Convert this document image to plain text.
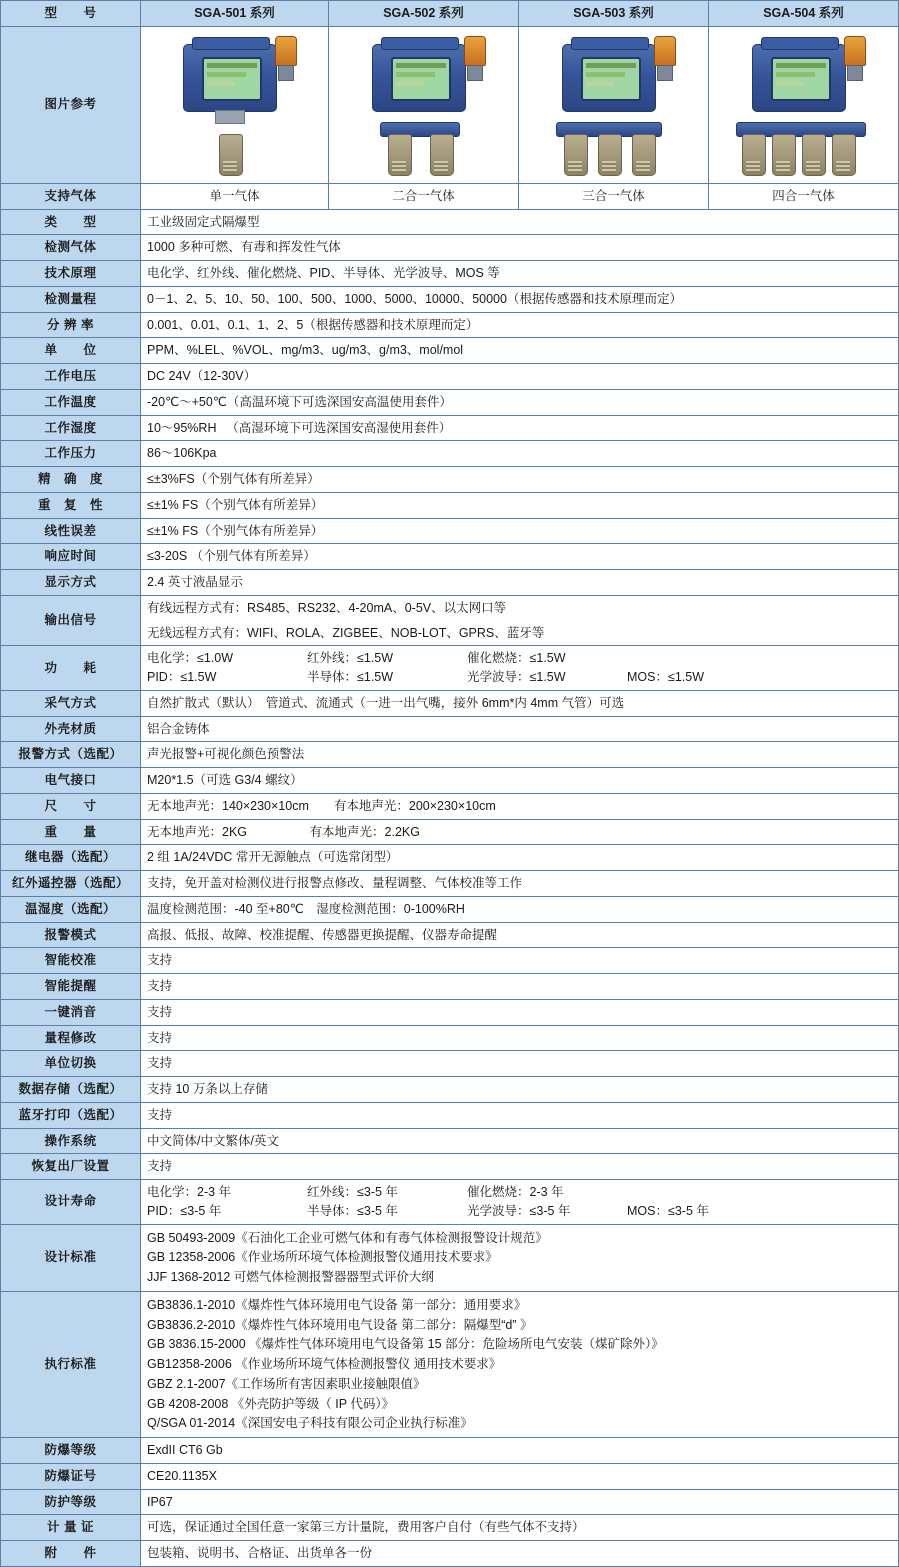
型　　号	SGA-501 系列	SGA-502 系列	SGA-503 系列	SGA-504 系列
图片参考	

支持气体	单一气体	二合一气体	三合一气体	四合一气体
类　　型	工业级固定式隔爆型			
检测气体	1000 多种可燃、有毒和挥发性气体			
技术原理	电化学、红外线、催化燃烧、PID、半导体、光学波导、MOS 等			
检测量程	0－1、2、5、10、50、100、500、1000、5000、10000、50000（根据传感器和技术原理而定）			
分 辨 率	0.001、0.01、0.1、1、2、5（根据传感器和技术原理而定）			
单　　位	PPM、%LEL、%VOL、mg/m3、ug/m3、g/m3、mol/mol			
工作电压	DC 24V（12-30V）			
工作温度	-20℃～+50℃（高温环境下可选深国安高温使用套件）			
工作湿度	10～95%RH 　（高湿环境下可选深国安高湿使用套件）			
工作压力	86～106Kpa			
精　确　度	≤±3%FS（个别气体有所差异）			
重　复　性	≤±1% FS（个别气体有所差异）			
线性误差	≤±1% FS（个别气体有所差异）			
响应时间	≤3-20S （个别气体有所差异）			
显示方式	2.4 英寸液晶显示			
输出信号	有线远程方式有：RS485、RS232、4-20mA、0-5V、以太网口等
无线远程方式有：WIFI、ROLA、ZIGBEE、NOB-LOT、GPRS、蓝牙等			

功　　耗	
电化学：≤1.0W	红外线：≤1.5W	催化燃烧：≤1.5W
PID：≤1.5W	半导体：≤1.5W	光学波导：≤1.5W	MOS：≤1.5W

采气方式	自然扩散式（默认）　管道式、流通式（一进一出气嘴，接外 6mm*内 4mm 气管）可选			
外壳材质	铝合金铸体			
报警方式（选配）	声光报警+可视化颜色预警法			
电气接口	M20*1.5（可选 G3/4 螺纹）			
尺　　寸	无本地声光：140×230×10cm　　有本地声光：200×230×10cm			
重　　量	无本地声光：2KG　　　　　有本地声光：2.2KG			
继电器（选配）	2 组 1A/24VDC 常开无源触点（可选常闭型）			
红外遥控器（选配）	支持，免开盖对检测仪进行报警点修改、量程调整、气体校准等工作			
温湿度（选配）	温度检测范围：-40 至+80℃　湿度检测范围：0-100%RH			
报警模式	高报、低报、故障、校准提醒、传感器更换提醒、仪器寿命提醒			
智能校准	支持			
智能提醒	支持			
一键消音	支持			
量程修改	支持			
单位切换	支持			
数据存储（选配）	支持 10 万条以上存储			
蓝牙打印（选配）	支持			
操作系统	中文简体/中文繁体/英文			
恢复出厂设置	支持			
设计寿命	
电化学：2-3 年	红外线：≤3-5 年	催化燃烧：2-3 年
PID：≤3-5 年	半导体：≤3-5 年	光学波导：≤3-5 年	MOS：≤3-5 年

设计标准	GB 50493-2009《石油化工企业可燃气体和有毒气体检测报警设计规范》
GB 12358-2006《作业场所环境气体检测报警仪通用技术要求》
JJF 1368-2012 可燃气体检测报警器器型式评价大纲			

执行标准	
GB3836.1-2010《爆炸性气体环境用电气设备 第一部分：通用要求》
GB3836.2-2010《爆炸性气体环境用电气设备 第二部分：隔爆型“d” 》
GB 3836.15-2000 《爆炸性气体环境用电气设备第 15 部分：危险场所电气安装（煤矿除外）》
GB12358-2006 《作业场所环境气体检测报警仪 通用技术要求》
GBZ 2.1-2007《工作场所有害因素职业接触限值》
GB 4208-2008 《外壳防护等级（ IP 代码）》
Q/SGA 01-2014《深国安电子科技有限公司企业执行标准》

防爆等级	ExdII CT6 Gb			
防爆证号	CE20.1135X			
防护等级	IP67			
计 量 证	可选，保证通过全国任意一家第三方计量院，费用客户自付（有些气体不支持）			
附　　件	包装箱、说明书、合格证、出货单各一份			
